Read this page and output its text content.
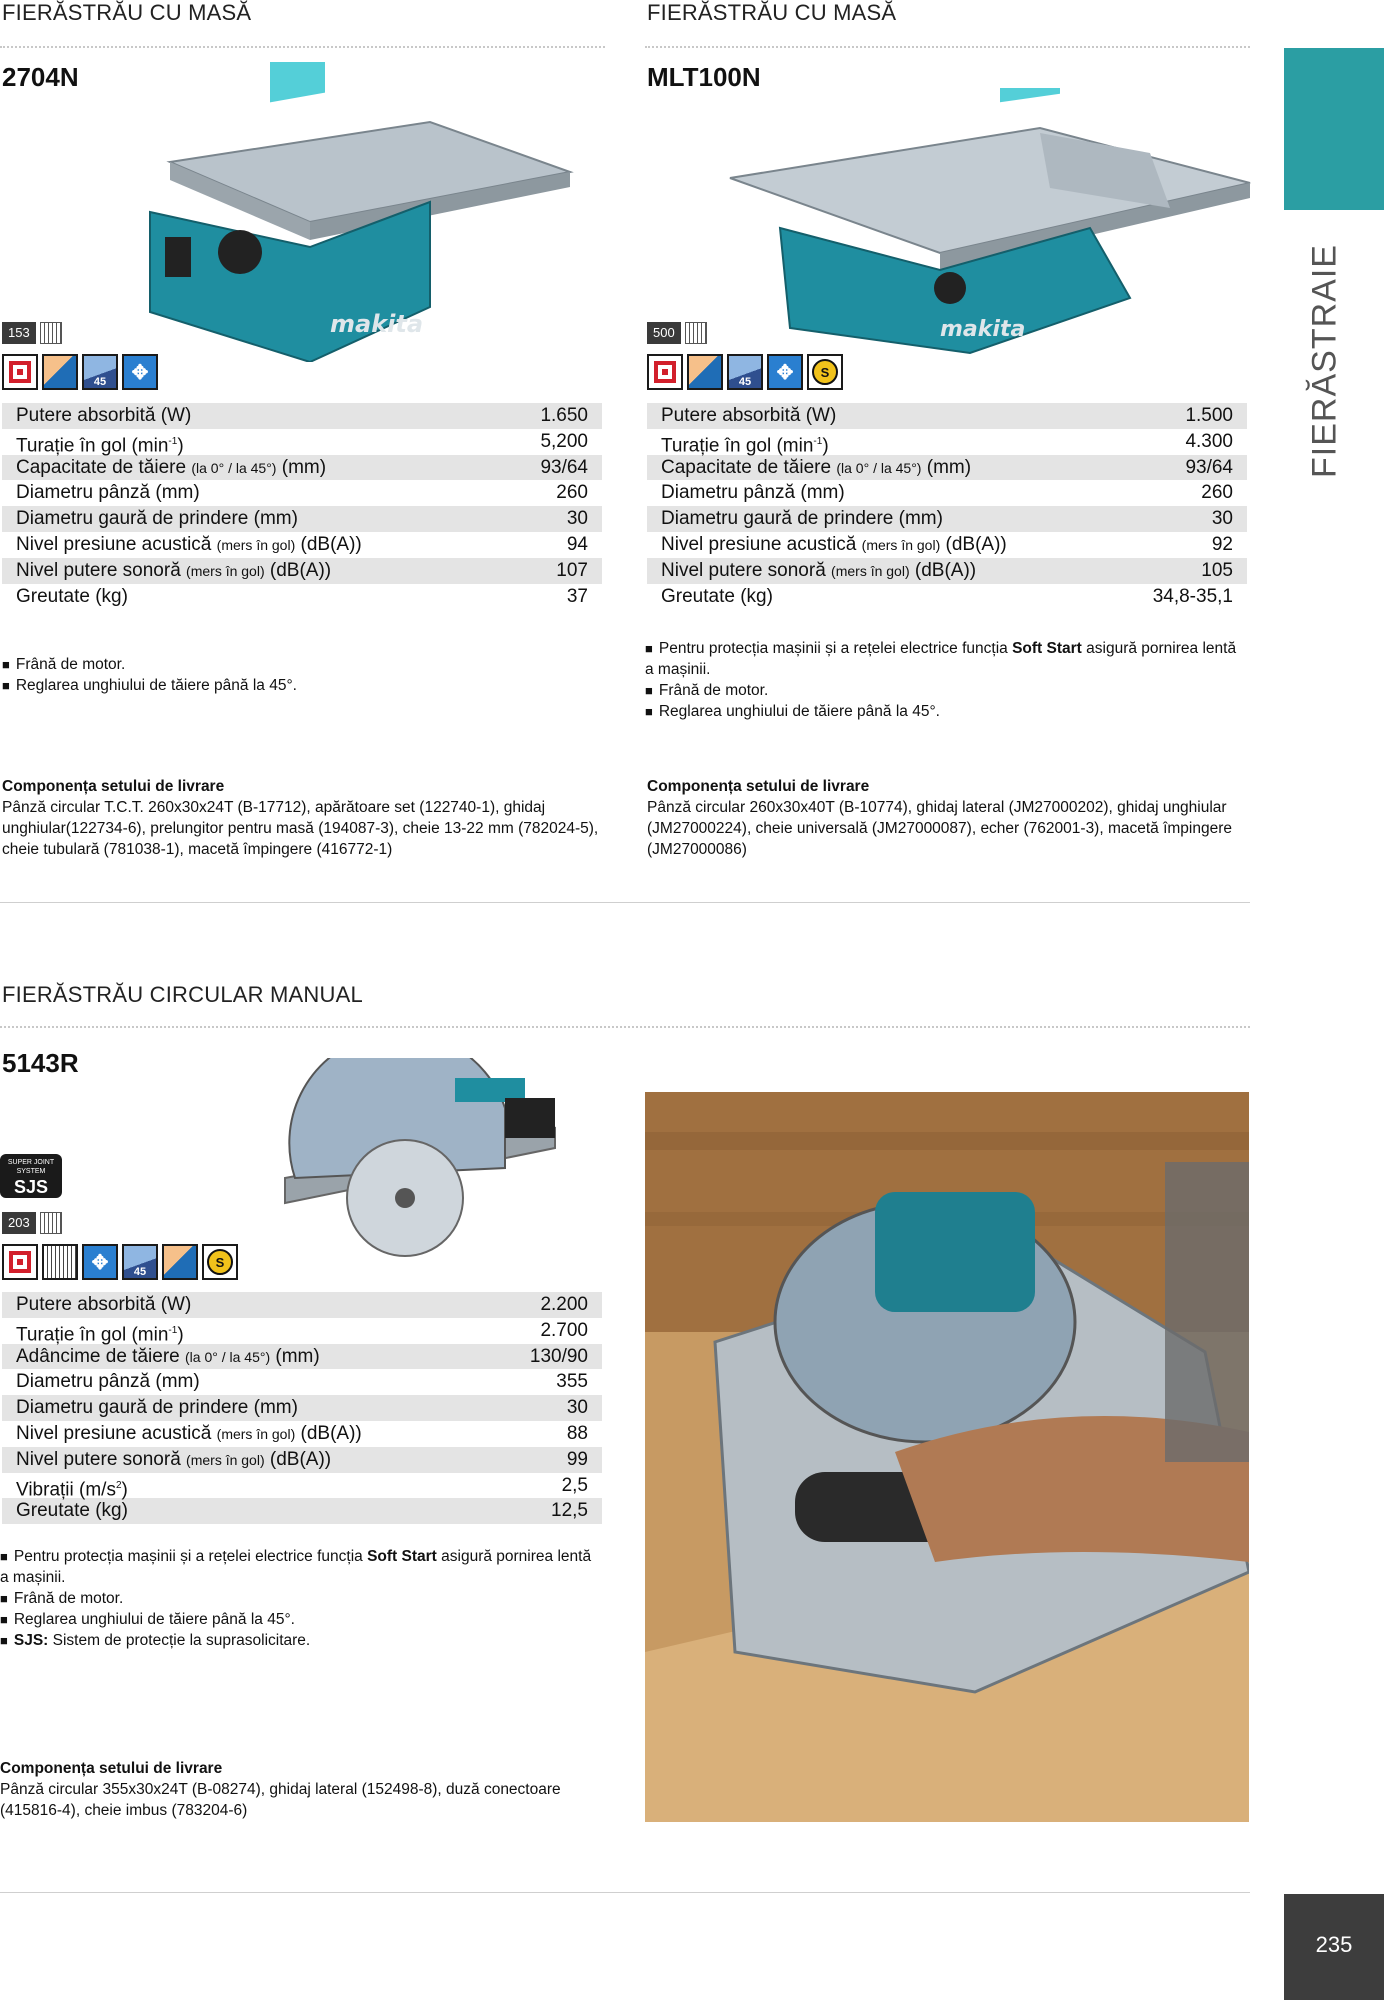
FIERĂSTRAIE
235
FIERĂSTRĂU CU MASĂ
2704N
makita
153
45	✥
Putere absorbită (W)	1.650
Turație în gol $(\min^{-1})$	5,200
Capacitate de tăiere (la 0° / la 45°) (mm)	93/64
Diametru pânză (mm)	260
Diametru gaură de prindere (mm)	30
Nivel presiune acustică (mers în gol) (dB(A))	94
Nivel putere sonoră (mers în gol) (dB(A))	107
Greutate (kg)	37
■ Frână de motor.
■ Reglarea unghiului de tăiere până la 45°.
Componența setului de livrare
Pânză circular T.C.T. 260x30x24T (B-17712), apărătoare set (122740-1), ghidaj unghiular(122734-6), prelungitor pentru masă (194087-3), cheie 13-22 mm (782024-5), cheie tubulară (781038-1), macetă împingere (416772-1)
FIERĂSTRĂU CU MASĂ
MLT100N
makita
500
45	✥	S
Putere absorbită (W)	1.500
Turație în gol $(\min^{-1})$	4.300
Capacitate de tăiere (la 0° / la 45°) (mm)	93/64
Diametru pânză (mm)	260
Diametru gaură de prindere (mm)	30
Nivel presiune acustică (mers în gol) (dB(A))	92
Nivel putere sonoră (mers în gol) (dB(A))	105
Greutate (kg)	34,8-35,1
■ Pentru protecția mașinii și a rețelei electrice funcția Soft Start asigură pornirea lentă a mașinii.
■ Frână de motor.
■ Reglarea unghiului de tăiere până la 45°.
Componența setului de livrare
Pânză circular 260x30x40T (B-10774), ghidaj lateral (JM27000202), ghidaj unghiular (JM27000224), cheie universală (JM27000087), echer (762001-3), macetă împingere (JM27000086)
FIERĂSTRĂU CIRCULAR MANUAL
5143R
SUPER JOINT SYSTEM
SJS
203
✥	45
S
Putere absorbită (W)	2.200
Turație în gol $(\min^{-1})$	2.700
Adâncime de tăiere (la 0° / la 45°) (mm)	130/90
Diametru pânză (mm)	355
Diametru gaură de prindere (mm)	30
Nivel presiune acustică (mers în gol) (dB(A))	88
Nivel putere sonoră (mers în gol) (dB(A))	99
Vibrații $(m/s^2)$	2,5
Greutate (kg)	12,5
■ Pentru protecția mașinii și a rețelei electrice funcția Soft Start asigură pornirea lentă a mașinii.
■ Frână de motor.
■ Reglarea unghiului de tăiere până la 45°.
■ SJS: Sistem de protecție la suprasolicitare.
Componența setului de livrare
Pânză circular 355x30x24T (B-08274), ghidaj lateral (152498-8), duză conectoare (415816-4), cheie imbus (783204-6)
